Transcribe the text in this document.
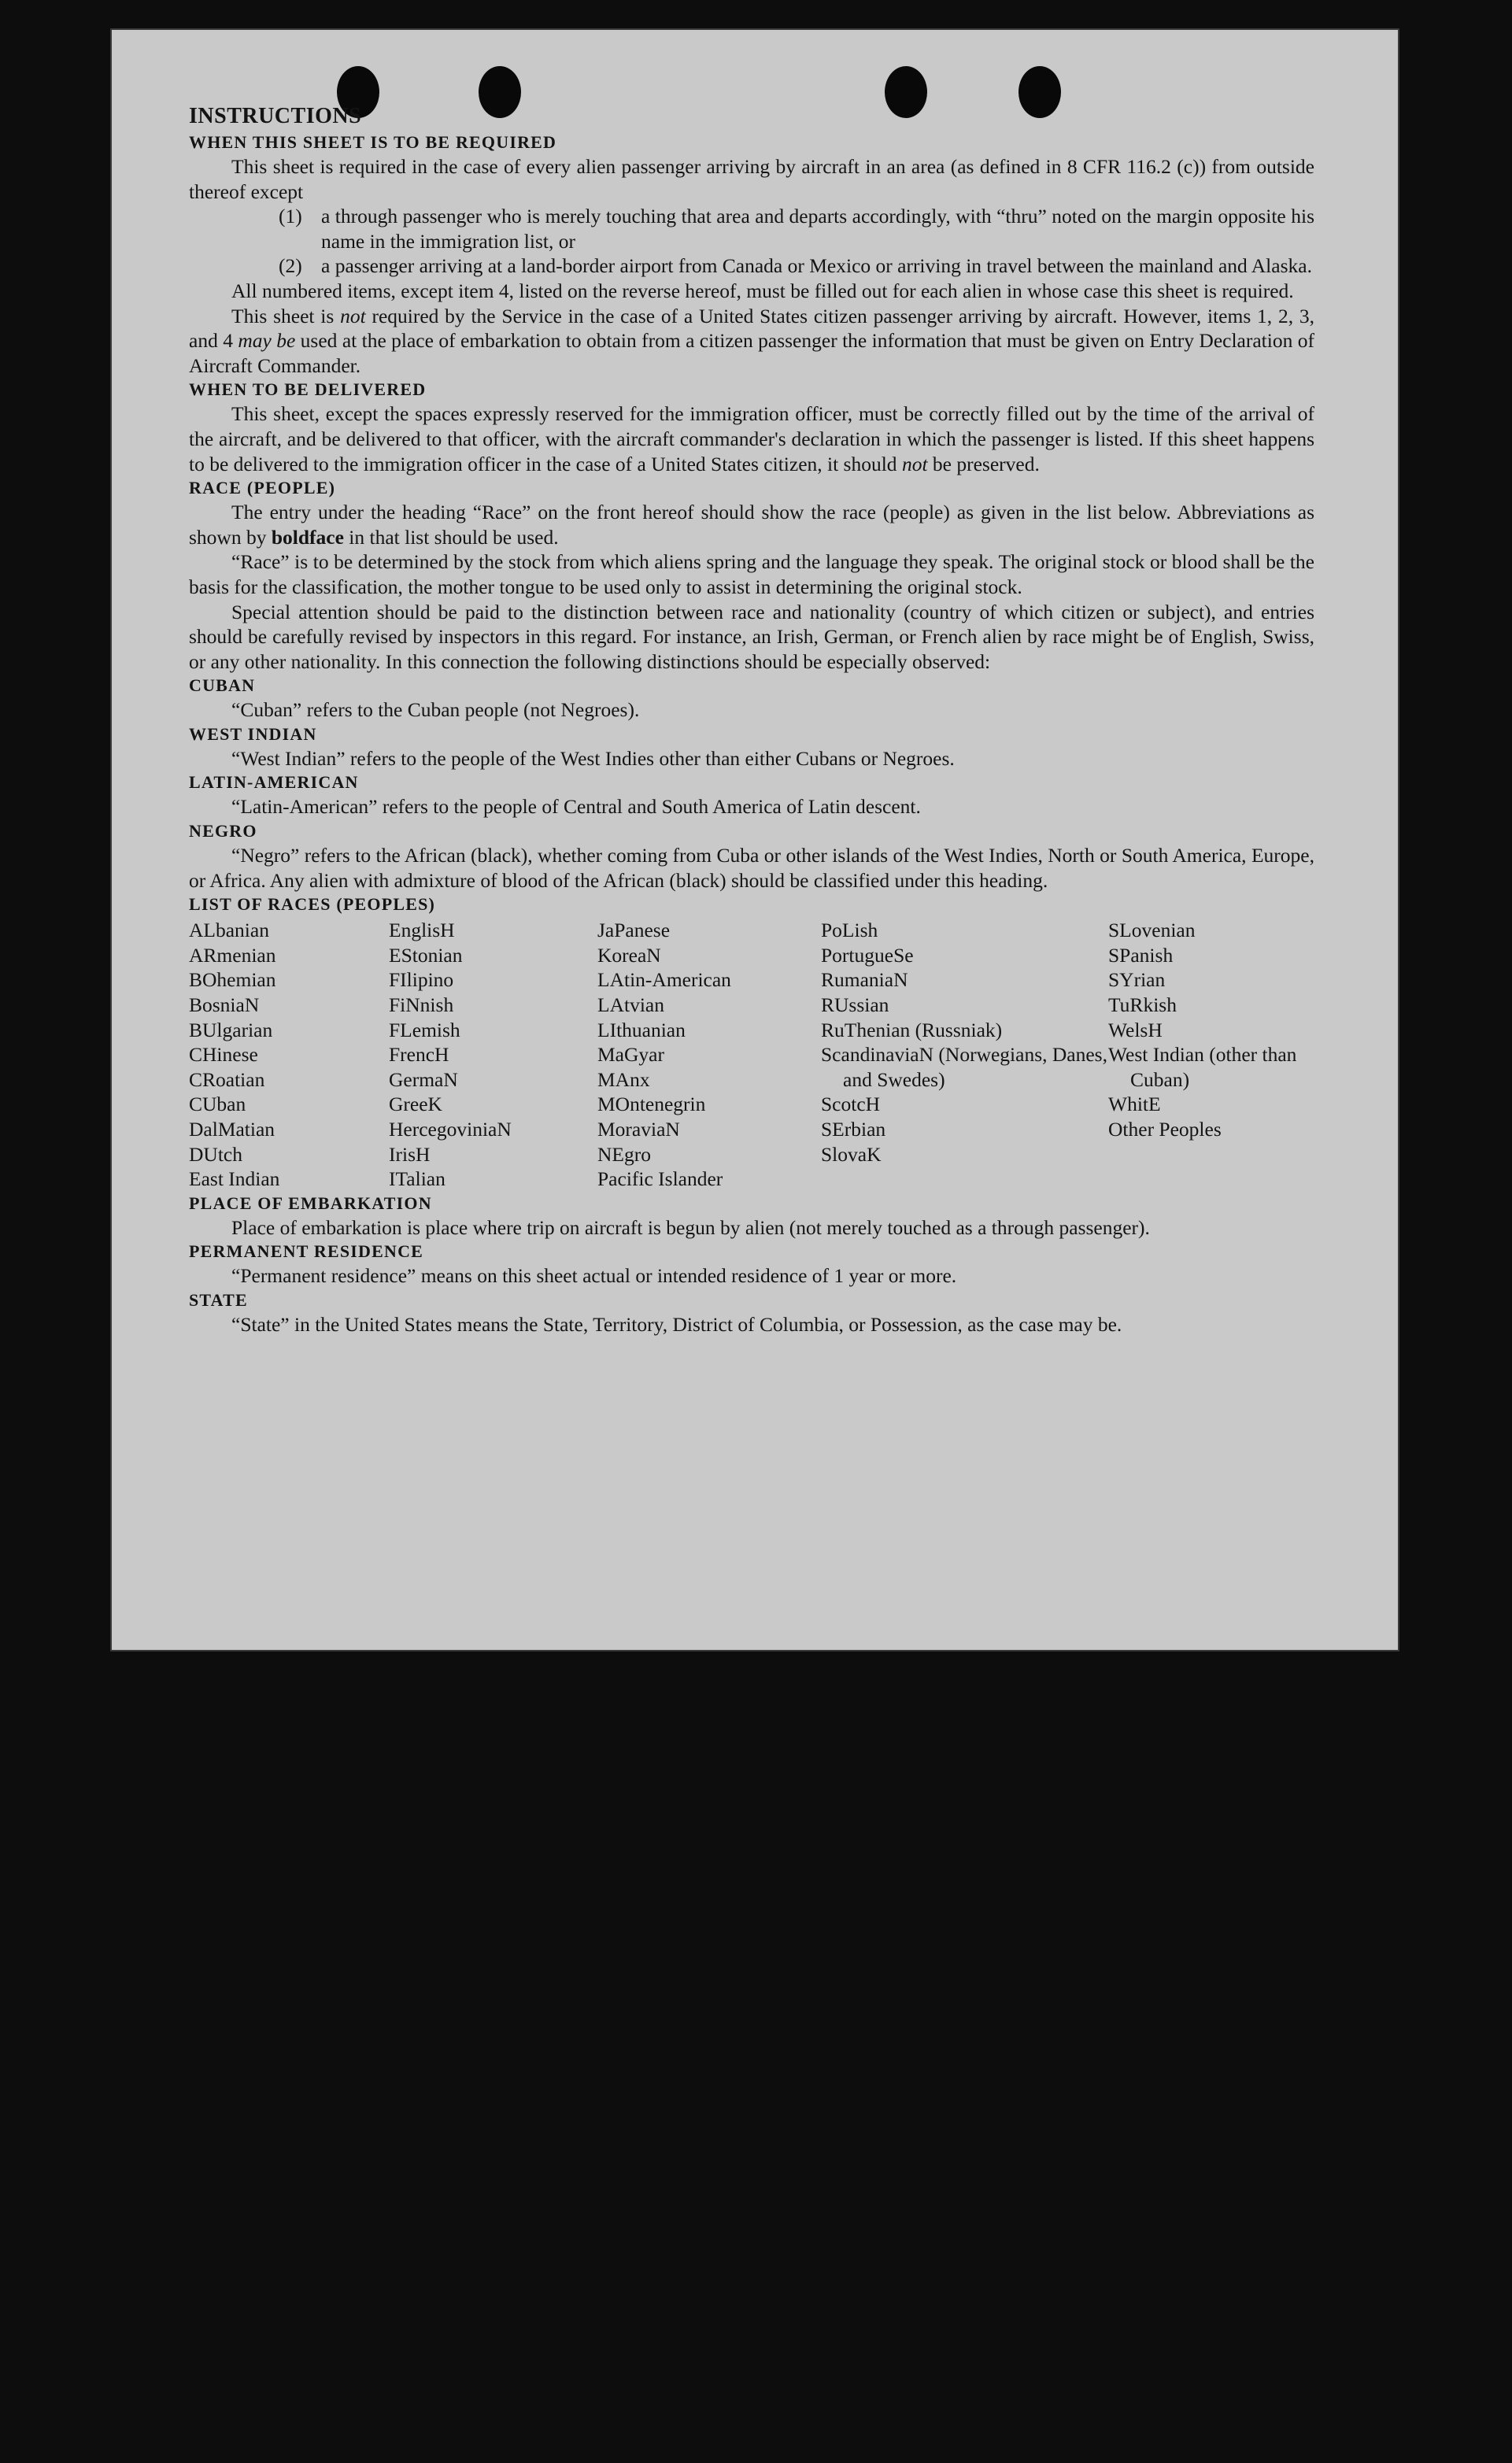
INSTRUCTIONS

WHEN THIS SHEET IS TO BE REQUIRED

This sheet is required in the case of every alien passenger arriving by aircraft in an area (as defined in 8 CFR 116.2 (c)) from outside thereof except

(1) a through passenger who is merely touching that area and departs accordingly, with “thru” noted on the margin opposite his name in the immigration list, or
(2) a passenger arriving at a land-border airport from Canada or Mexico or arriving in travel between the mainland and Alaska.

All numbered items, except item 4, listed on the reverse hereof, must be filled out for each alien in whose case this sheet is required.

This sheet is not required by the Service in the case of a United States citizen passenger arriving by aircraft. However, items 1, 2, 3, and 4 may be used at the place of embarkation to obtain from a citizen passenger the information that must be given on Entry Declaration of Aircraft Commander.

WHEN TO BE DELIVERED

This sheet, except the spaces expressly reserved for the immigration officer, must be correctly filled out by the time of the arrival of the aircraft, and be delivered to that officer, with the aircraft commander's declaration in which the passenger is listed. If this sheet happens to be delivered to the immigration officer in the case of a United States citizen, it should not be preserved.

RACE (PEOPLE)

The entry under the heading “Race” on the front hereof should show the race (people) as given in the list below. Abbreviations as shown by boldface in that list should be used.

“Race” is to be determined by the stock from which aliens spring and the language they speak. The original stock or blood shall be the basis for the classification, the mother tongue to be used only to assist in determining the original stock.

Special attention should be paid to the distinction between race and nationality (country of which citizen or subject), and entries should be carefully revised by inspectors in this regard. For instance, an Irish, German, or French alien by race might be of English, Swiss, or any other nationality. In this connection the following distinctions should be especially observed:

CUBAN

“Cuban” refers to the Cuban people (not Negroes).

WEST INDIAN

“West Indian” refers to the people of the West Indies other than either Cubans or Negroes.

LATIN-AMERICAN

“Latin-American” refers to the people of Central and South America of Latin descent.

NEGRO

“Negro” refers to the African (black), whether coming from Cuba or other islands of the West Indies, North or South America, Europe, or Africa. Any alien with admixture of blood of the African (black) should be classified under this heading.

LIST OF RACES (PEOPLES)

ALbanian
ARmenian
BOhemian
BosniaN
BUlgarian
CHinese
CRoatian
CUban
DalMatian
DUtch
East Indian
EnglisH
EStonian
FIlipino
FiNnish
FLemish
FrencH
GermaN
GreeK
HercegoviniaN
IrisH
ITalian
JaPanese
KoreaN
LAtin-American
LAtvian
LIthuanian
MaGyar
MAnx
MOntenegrin
MoraviaN
NEgro
Pacific Islander
PoLish
PortugueSe
RumaniaN
RUssian
RuThenian (Russniak)
ScandinaviaN (Norwegians, Danes, and Swedes)
ScotcH
SErbian
SlovaK
SLovenian
SPanish
SYrian
TuRkish
WelsH
West Indian (other than Cuban)
WhitE
Other Peoples

PLACE OF EMBARKATION

Place of embarkation is place where trip on aircraft is begun by alien (not merely touched as a through passenger).

PERMANENT RESIDENCE

“Permanent residence” means on this sheet actual or intended residence of 1 year or more.

STATE

“State” in the United States means the State, Territory, District of Columbia, or Possession, as the case may be.
